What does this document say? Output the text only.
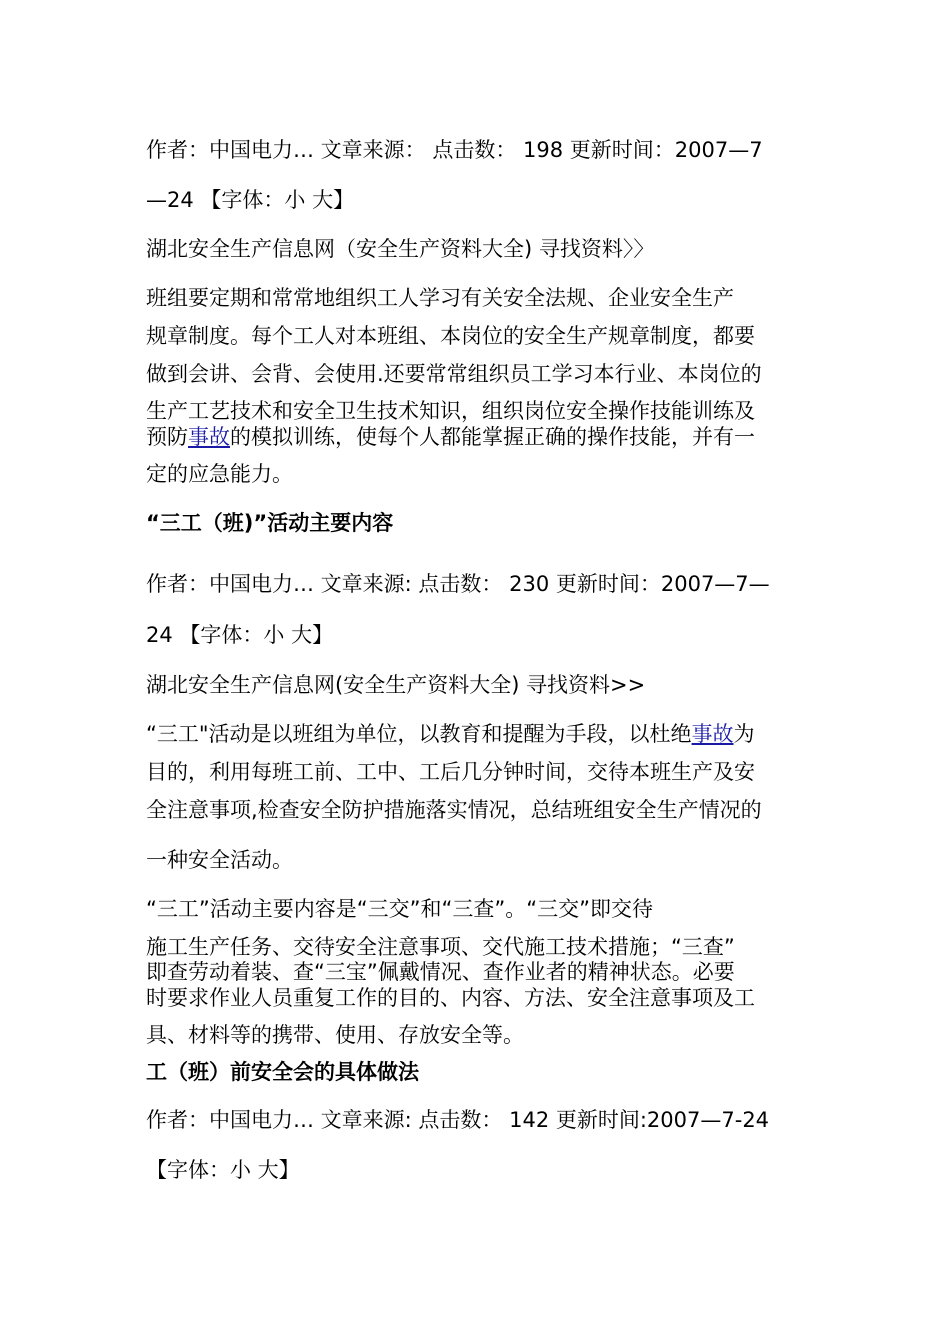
作者：中国电力… 文章来源： 点击数： 198 更新时间：2007—7
—24 【字体：小 大】
湖北安全生产信息网（安全生产资料大全) 寻找资料〉〉
班组要定期和常常地组织工人学习有关安全法规、企业安全生产
规章制度。每个工人对本班组、本岗位的安全生产规章制度，都要
做到会讲、会背、会使用.还要常常组织员工学习本行业、本岗位的
生产工艺技术和安全卫生技术知识，组织岗位安全操作技能训练及
预防事故的模拟训练，使每个人都能掌握正确的操作技能，并有一
定的应急能力。
“三工（班)”活动主要内容
作者：中国电力… 文章来源: 点击数： 230 更新时间：2007—7—
24 【字体：小 大】
湖北安全生产信息网(安全生产资料大全) 寻找资料>>
“三工"活动是以班组为单位，以教育和提醒为手段，以杜绝事故为
目的，利用每班工前、工中、工后几分钟时间，交待本班生产及安
全注意事项,检查安全防护措施落实情况，总结班组安全生产情况的
一种安全活动。
“三工”活动主要内容是“三交”和“三查”。“三交”即交待
施工生产任务、交待安全注意事项、交代施工技术措施；“三查”
即查劳动着装、查“三宝”佩戴情况、查作业者的精神状态。必要
时要求作业人员重复工作的目的、内容、方法、安全注意事项及工
具、材料等的携带、使用、存放安全等。
工（班）前安全会的具体做法
作者：中国电力… 文章来源: 点击数： 142 更新时间:2007—7-24
【字体：小 大】
